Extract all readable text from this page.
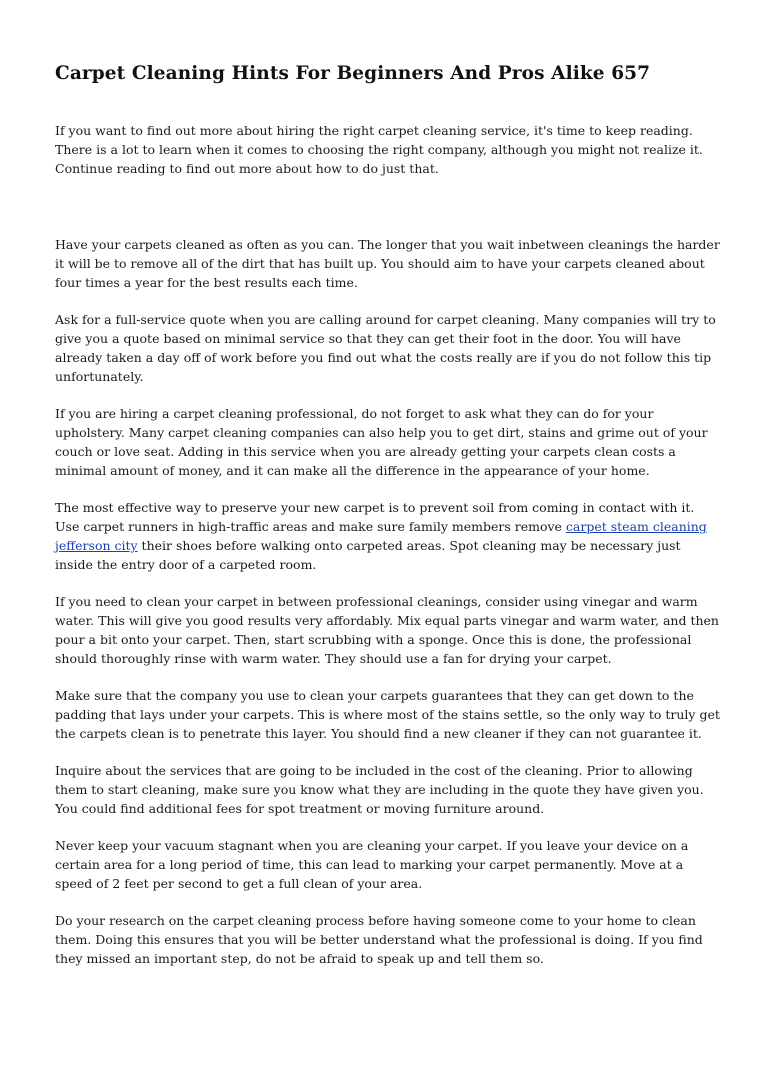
Carpet Cleaning Hints For Beginners And Pros Alike 657

If you want to find out more about hiring the right carpet cleaning service, it's time to keep reading. There is a lot to learn when it comes to choosing the right company, although you might not realize it. Continue reading to find out more about how to do just that.

Have your carpets cleaned as often as you can. The longer that you wait inbetween cleanings the harder it will be to remove all of the dirt that has built up. You should aim to have your carpets cleaned about four times a year for the best results each time.

Ask for a full-service quote when you are calling around for carpet cleaning. Many companies will try to give you a quote based on minimal service so that they can get their foot in the door. You will have already taken a day off of work before you find out what the costs really are if you do not follow this tip unfortunately.

If you are hiring a carpet cleaning professional, do not forget to ask what they can do for your upholstery. Many carpet cleaning companies can also help you to get dirt, stains and grime out of your couch or love seat. Adding in this service when you are already getting your carpets clean costs a minimal amount of money, and it can make all the difference in the appearance of your home.

The most effective way to preserve your new carpet is to prevent soil from coming in contact with it. Use carpet runners in high-traffic areas and make sure family members remove carpet steam cleaning jefferson city their shoes before walking onto carpeted areas. Spot cleaning may be necessary just inside the entry door of a carpeted room.

If you need to clean your carpet in between professional cleanings, consider using vinegar and warm water. This will give you good results very affordably. Mix equal parts vinegar and warm water, and then pour a bit onto your carpet. Then, start scrubbing with a sponge. Once this is done, the professional should thoroughly rinse with warm water. They should use a fan for drying your carpet.

Make sure that the company you use to clean your carpets guarantees that they can get down to the padding that lays under your carpets. This is where most of the stains settle, so the only way to truly get the carpets clean is to penetrate this layer. You should find a new cleaner if they can not guarantee it.

Inquire about the services that are going to be included in the cost of the cleaning. Prior to allowing them to start cleaning, make sure you know what they are including in the quote they have given you. You could find additional fees for spot treatment or moving furniture around.

Never keep your vacuum stagnant when you are cleaning your carpet. If you leave your device on a certain area for a long period of time, this can lead to marking your carpet permanently. Move at a speed of 2 feet per second to get a full clean of your area.

Do your research on the carpet cleaning process before having someone come to your home to clean them. Doing this ensures that you will be better understand what the professional is doing. If you find they missed an important step, do not be afraid to speak up and tell them so.
